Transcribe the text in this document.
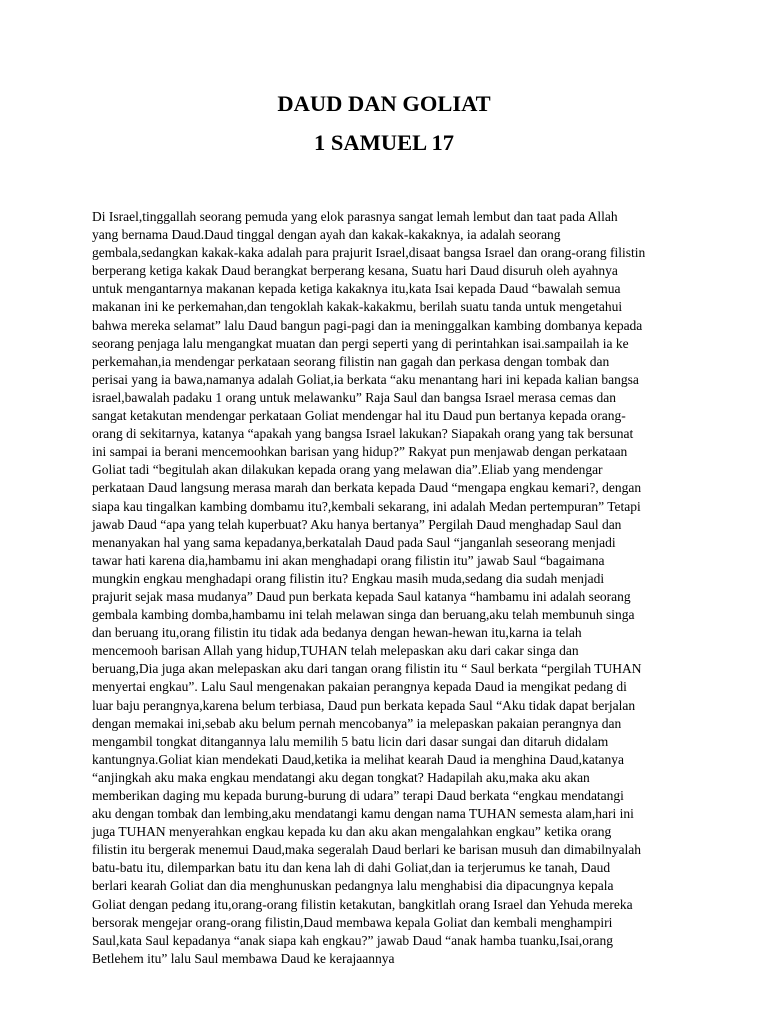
DAUD DAN GOLIAT
1 SAMUEL 17
Di Israel,tinggallah seorang pemuda yang elok parasnya sangat lemah lembut dan taat pada Allah
yang bernama Daud.Daud tinggal dengan ayah dan kakak-kakaknya, ia adalah seorang
gembala,sedangkan kakak-kaka adalah para prajurit Israel,disaat bangsa Israel dan orang-orang filistin
berperang ketiga kakak Daud berangkat berperang kesana, Suatu hari Daud disuruh oleh ayahnya
untuk mengantarnya makanan kepada ketiga kakaknya itu,kata Isai kepada Daud “bawalah semua
makanan ini ke perkemahan,dan tengoklah kakak-kakakmu, berilah suatu tanda untuk mengetahui
bahwa mereka selamat” lalu Daud bangun pagi-pagi dan ia meninggalkan kambing dombanya kepada
seorang penjaga lalu mengangkat muatan dan pergi seperti yang di perintahkan isai.sampailah ia ke
perkemahan,ia mendengar perkataan seorang filistin nan gagah dan perkasa dengan tombak dan
perisai yang ia bawa,namanya adalah Goliat,ia berkata “aku menantang hari ini kepada kalian bangsa
israel,bawalah padaku 1 orang untuk melawanku” Raja Saul dan bangsa Israel merasa cemas dan
sangat ketakutan mendengar perkataan Goliat mendengar hal itu Daud pun bertanya kepada orang-
orang di sekitarnya, katanya “apakah yang bangsa Israel lakukan? Siapakah orang yang tak bersunat
ini sampai ia berani mencemoohkan barisan yang hidup?” Rakyat pun menjawab dengan perkataan
Goliat tadi “begitulah akan dilakukan kepada orang yang melawan dia”.Eliab yang mendengar
perkataan Daud langsung merasa marah dan berkata kepada Daud “mengapa engkau kemari?, dengan
siapa kau tingalkan kambing dombamu itu?,kembali sekarang, ini adalah Medan pertempuran” Tetapi
jawab Daud “apa yang telah kuperbuat? Aku hanya bertanya” Pergilah Daud menghadap Saul dan
menanyakan hal yang sama kepadanya,berkatalah Daud pada Saul “janganlah seseorang menjadi
tawar hati karena dia,hambamu ini akan menghadapi orang filistin itu” jawab Saul “bagaimana
mungkin engkau menghadapi orang filistin itu? Engkau masih muda,sedang dia sudah menjadi
prajurit sejak masa mudanya” Daud pun berkata kepada Saul katanya “hambamu ini adalah seorang
gembala kambing domba,hambamu ini telah melawan singa dan beruang,aku telah membunuh singa
dan beruang itu,orang filistin itu tidak ada bedanya dengan hewan-hewan itu,karna ia telah
mencemooh barisan Allah yang hidup,TUHAN telah melepaskan aku dari cakar singa dan
beruang,Dia juga akan melepaskan aku dari tangan orang filistin itu “ Saul berkata “pergilah TUHAN
menyertai engkau”. Lalu Saul mengenakan pakaian perangnya kepada Daud ia mengikat pedang di
luar baju perangnya,karena belum terbiasa, Daud pun berkata kepada Saul “Aku tidak dapat berjalan
dengan memakai ini,sebab aku belum pernah mencobanya” ia melepaskan pakaian perangnya dan
mengambil tongkat ditangannya lalu memilih 5 batu licin dari dasar sungai dan ditaruh didalam
kantungnya.Goliat kian mendekati Daud,ketika ia melihat kearah Daud ia menghina Daud,katanya
“anjingkah aku maka engkau mendatangi aku degan tongkat? Hadapilah aku,maka aku akan
memberikan daging mu kepada burung-burung di udara” terapi Daud berkata “engkau mendatangi
aku dengan tombak dan lembing,aku mendatangi kamu dengan nama TUHAN semesta alam,hari ini
juga TUHAN menyerahkan engkau kepada ku dan aku akan mengalahkan engkau” ketika orang
filistin itu bergerak menemui Daud,maka segeralah Daud berlari ke barisan musuh dan dimabilnyalah
batu-batu itu, dilemparkan batu itu dan kena lah di dahi Goliat,dan ia terjerumus ke tanah, Daud
berlari kearah Goliat dan dia menghunuskan pedangnya lalu menghabisi dia dipacungnya kepala
Goliat dengan pedang itu,orang-orang filistin ketakutan, bangkitlah orang Israel dan Yehuda mereka
bersorak mengejar orang-orang filistin,Daud membawa kepala Goliat dan kembali menghampiri
Saul,kata Saul kepadanya “anak siapa kah engkau?” jawab Daud “anak hamba tuanku,Isai,orang
Betlehem itu” lalu Saul membawa Daud ke kerajaannya
